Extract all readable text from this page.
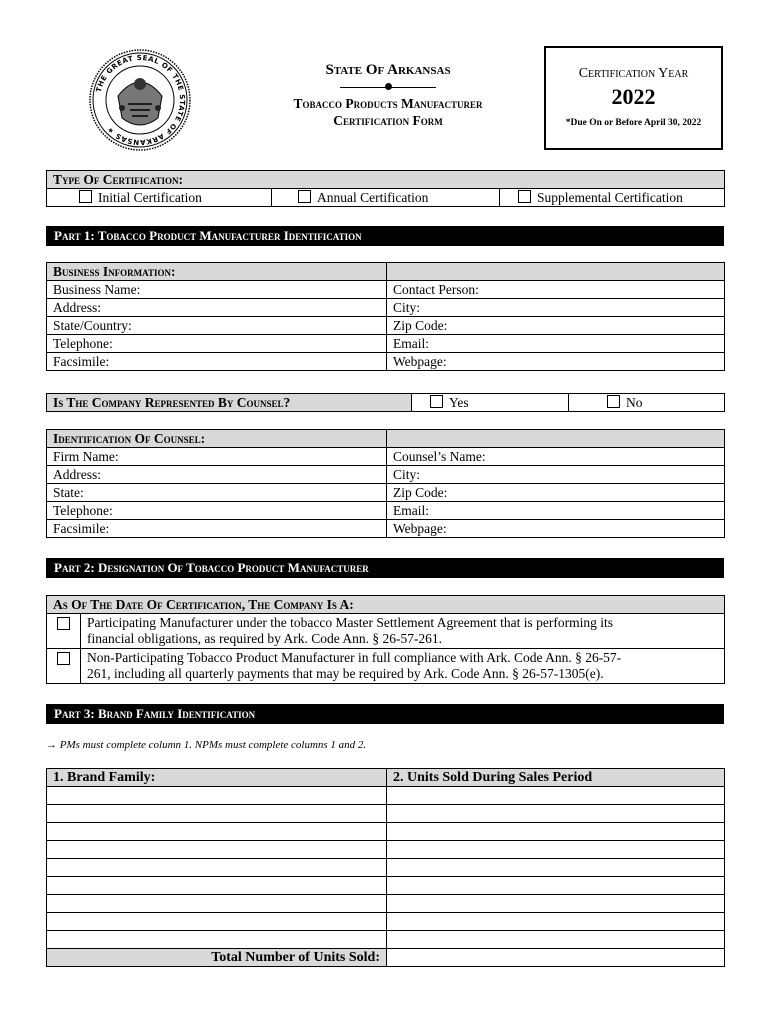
THE GREAT SEAL OF THE STATE OF ARKANSAS ★
State Of Arkansas
Tobacco Products Manufacturer
Certification Form
Certification Year
2022
*Due On or Before April 30, 2022
Type Of Certification:
Initial Certification	Annual Certification	Supplemental Certification
Part 1: Tobacco Product Manufacturer Identification
Business Information:	
Business Name:	Contact Person:
Address:	City:
State/Country:	Zip Code:
Telephone:	Email:
Facsimile:	Webpage:
Is The Company Represented By Counsel?	Yes	No
Identification Of Counsel:	
Firm Name:	Counsel’s Name:
Address:	City:
State:	Zip Code:
Telephone:	Email:
Facsimile:	Webpage:
Part 2: Designation Of Tobacco Product Manufacturer
As Of The Date Of Certification, The Company Is A:	

	Participating Manufacturer under the tobacco Master Settlement Agreement that is performing its
financial obligations, as required by Ark. Code Ann. § 26-57-261.

	Non-Participating Tobacco Product Manufacturer in full compliance with Ark. Code Ann. § 26-57-
261, including all quarterly payments that may be required by Ark. Code Ann. § 26-57-1305(e).
Part 3: Brand Family Identification
→ PMs must complete column 1. NPMs must complete columns 1 and 2.
1. Brand Family:	2. Units Sold During Sales Period

Total Number of Units Sold:	
